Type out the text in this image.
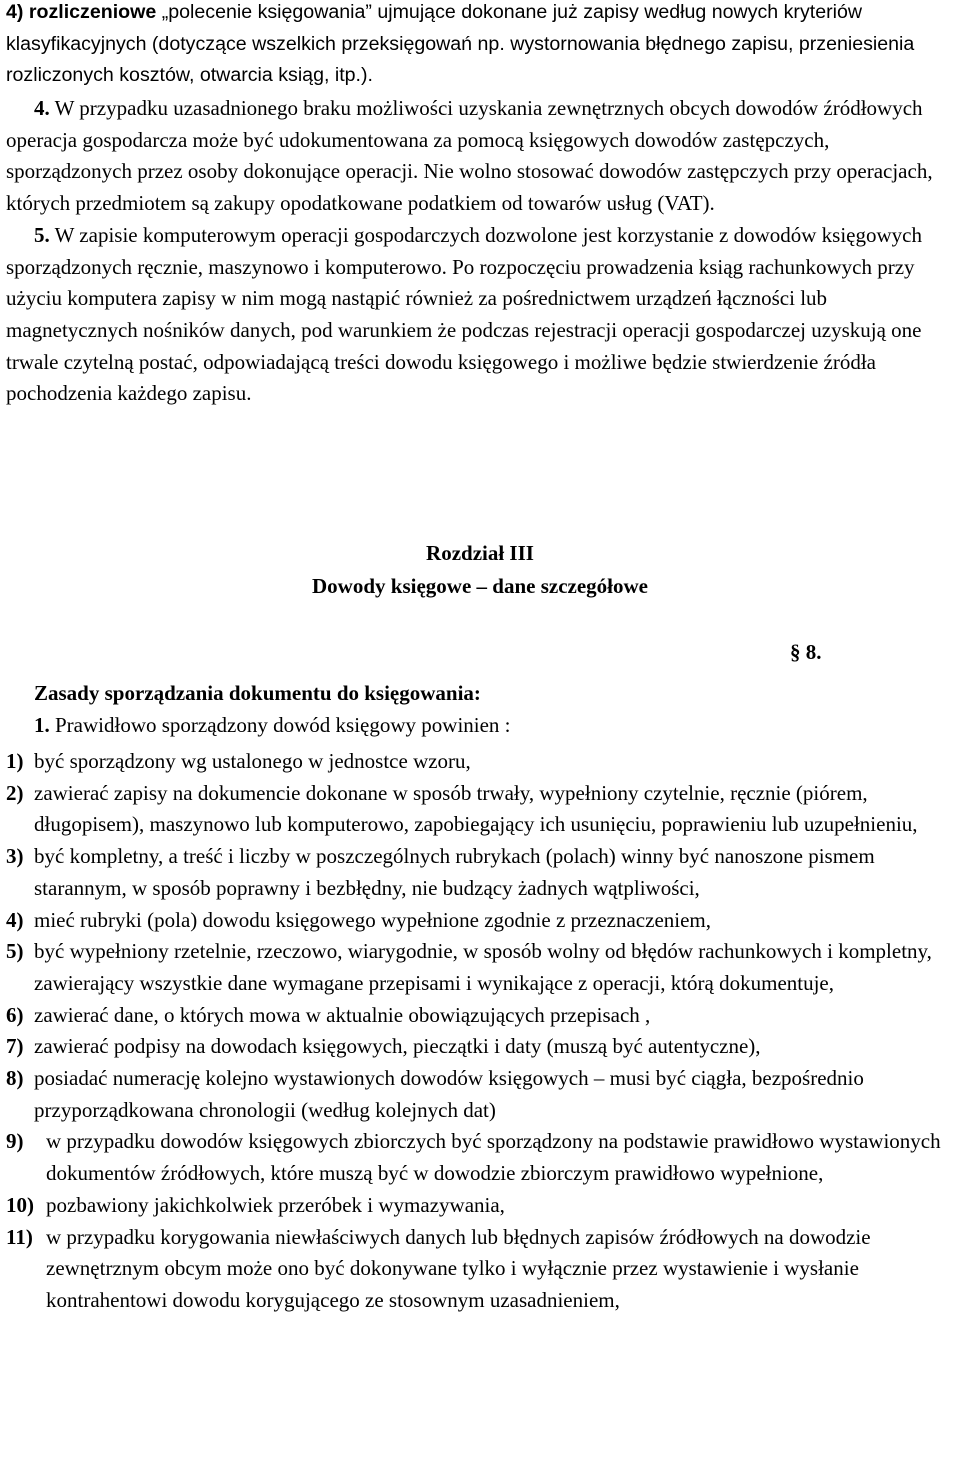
4) rozliczeniowe „polecenie księgowania” ujmujące dokonane już zapisy według nowych kryteriów klasyfikacyjnych (dotyczące wszelkich przeksięgowań np. wystornowania błędnego zapisu, przeniesienia rozliczonych kosztów, otwarcia ksiąg, itp.).

4. W przypadku uzasadnionego braku możliwości uzyskania zewnętrznych obcych dowodów źródłowych operacja gospodarcza może być udokumentowana za pomocą księgowych dowodów zastępczych, sporządzonych przez osoby dokonujące operacji. Nie wolno stosować dowodów zastępczych przy operacjach, których przedmiotem są zakupy opodatkowane podatkiem od towarów usług (VAT).

5. W zapisie komputerowym operacji gospodarczych dozwolone jest korzystanie z dowodów księgowych sporządzonych ręcznie, maszynowo i komputerowo. Po rozpoczęciu prowadzenia ksiąg rachunkowych przy użyciu komputera zapisy w nim mogą nastąpić również za pośrednictwem urządzeń łączności lub magnetycznych nośników danych, pod warunkiem że podczas rejestracji operacji gospodarczej uzyskują one trwale czytelną postać, odpowiadającą treści dowodu księgowego i możliwe będzie stwierdzenie źródła pochodzenia każdego zapisu.

Rozdział III
Dowody księgowe – dane szczegółowe
§ 8.
Zasady sporządzania dokumentu do księgowania:
1. Prawidłowo sporządzony dowód księgowy powinien :
1) być sporządzony wg ustalonego w jednostce wzoru,
2) zawierać zapisy na dokumencie dokonane w sposób trwały, wypełniony czytelnie, ręcznie (piórem, długopisem), maszynowo lub komputerowo, zapobiegający ich usunięciu, poprawieniu lub uzupełnieniu,
3) być kompletny, a treść i liczby w poszczególnych rubrykach (polach) winny być nanoszone pismem starannym, w sposób poprawny i bezbłędny, nie budzący żadnych wątpliwości,
4) mieć rubryki (pola) dowodu księgowego wypełnione zgodnie z przeznaczeniem,
5) być wypełniony rzetelnie, rzeczowo, wiarygodnie, w sposób wolny od błędów rachunkowych i kompletny, zawierający wszystkie dane wymagane przepisami i wynikające z operacji, którą dokumentuje,
6) zawierać dane, o których mowa w aktualnie obowiązujących przepisach ,
7) zawierać podpisy na dowodach księgowych, pieczątki i daty (muszą być autentyczne),
8) posiadać numerację kolejno wystawionych dowodów księgowych – musi być ciągła, bezpośrednio przyporządkowana chronologii (według kolejnych dat)
9)	w przypadku dowodów księgowych zbiorczych być sporządzony na podstawie prawidłowo wystawionych dokumentów źródłowych, które muszą być w dowodzie zbiorczym prawidłowo wypełnione,
10) pozbawiony jakichkolwiek przeróbek i wymazywania,
11) w przypadku korygowania niewłaściwych danych lub błędnych zapisów źródłowych na dowodzie zewnętrznym obcym może ono być dokonywane tylko i wyłącznie przez wystawienie i wysłanie kontrahentowi dowodu korygującego ze stosownym uzasadnieniem,
